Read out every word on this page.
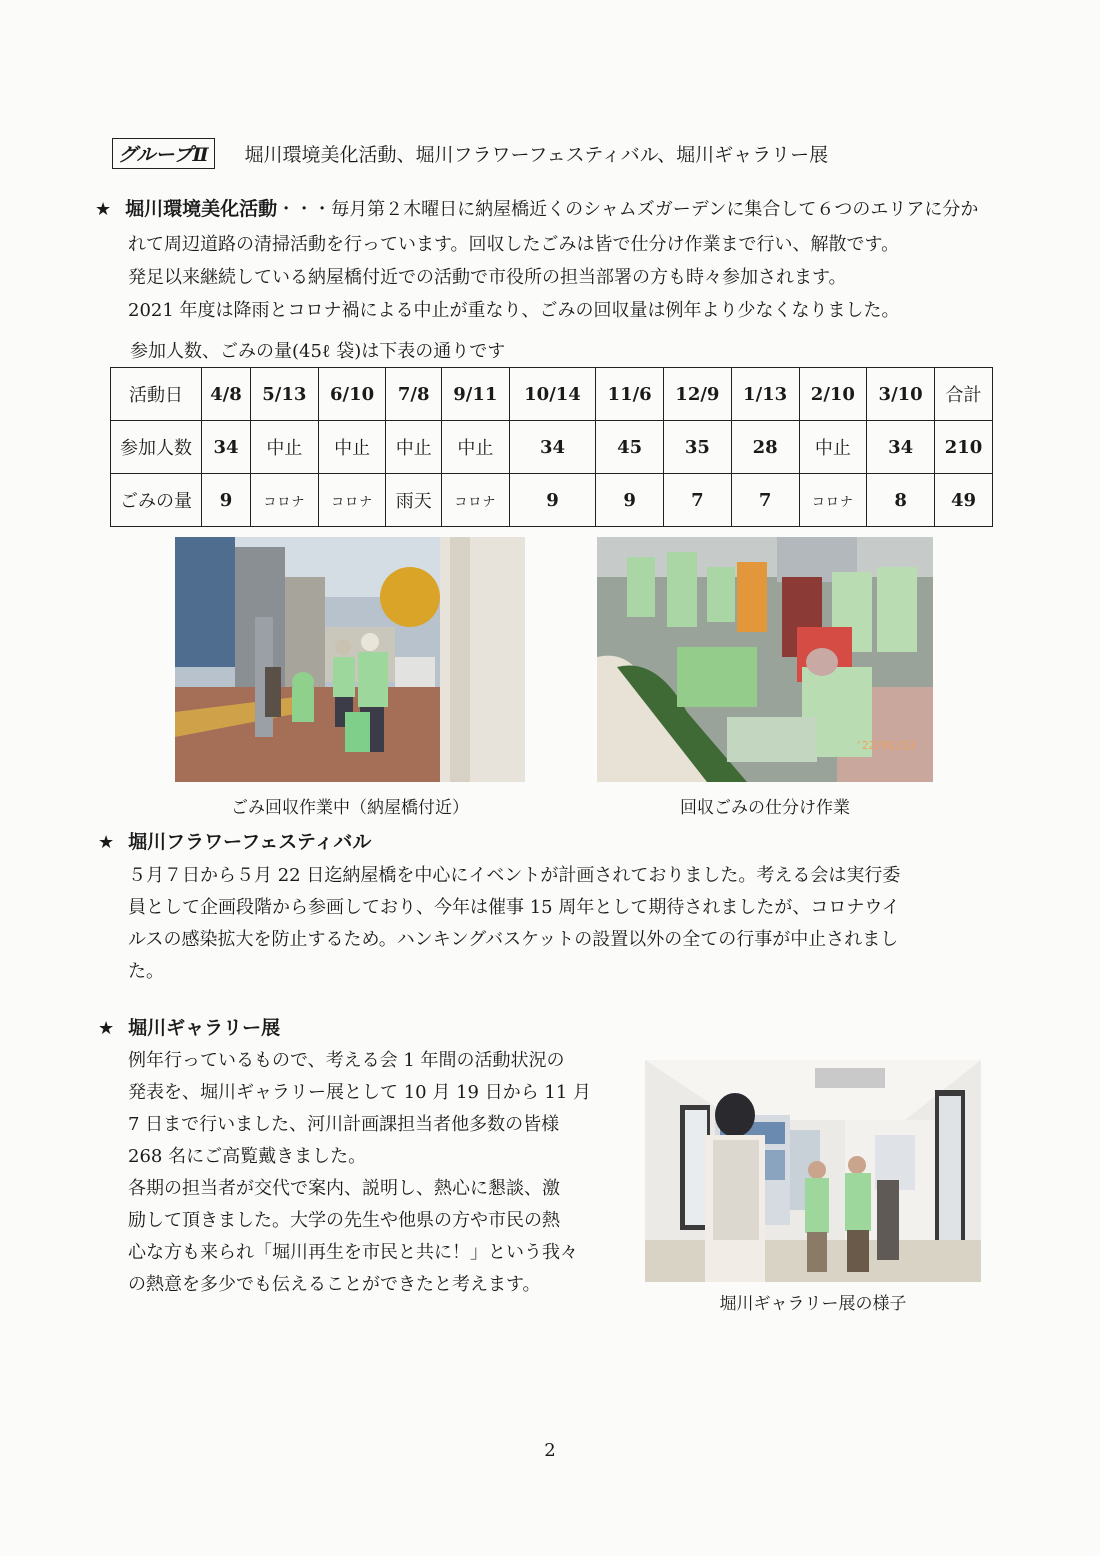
グループⅡ 堀川環境美化活動、堀川フラワーフェスティバル、堀川ギャラリー展
★ 堀川環境美化活動・・・毎月第２木曜日に納屋橋近くのシャムズガーデンに集合して６つのエリアに分か
れて周辺道路の清掃活動を行っています。回収したごみは皆で仕分け作業まで行い、解散です。
発足以来継続している納屋橋付近での活動で市役所の担当部署の方も時々参加されます。
2021 年度は降雨とコロナ禍による中止が重なり、ごみの回収量は例年より少なくなりました。
参加人数、ごみの量(45ℓ 袋)は下表の通りです
活動日	4/8	5/13	6/10	7/8	9/11	10/14	11/6	12/9	1/13	2/10	3/10	合計
参加人数	34	中止	中止	中止	中止	34	45	35	28	中止	34	210
ごみの量	9	コロナ	コロナ	雨天	コロナ	9	9	7	7	コロナ	8	49
ごみ回収作業中（納屋橋付近）
'22/01/13
回収ごみの仕分け作業
★ 堀川フラワーフェスティバル
５月７日から５月 22 日迄納屋橋を中心にイベントが計画されておりました。考える会は実行委
員として企画段階から参画しており、今年は催事 15 周年として期待されましたが、コロナウイ
ルスの感染拡大を防止するため。ハンキングバスケットの設置以外の全ての行事が中止されまし
た。
★ 堀川ギャラリー展
例年行っているもので、考える会 1 年間の活動状況の
発表を、堀川ギャラリー展として 10 月 19 日から 11 月
7 日まで行いました、河川計画課担当者他多数の皆様
268 名にご高覧戴きました。
各期の担当者が交代で案内、説明し、熱心に懇談、激
励して頂きました。大学の先生や他県の方や市民の熱
心な方も来られ「堀川再生を市民と共に！」という我々
の熱意を多少でも伝えることができたと考えます。
堀川ギャラリー展の様子
2
